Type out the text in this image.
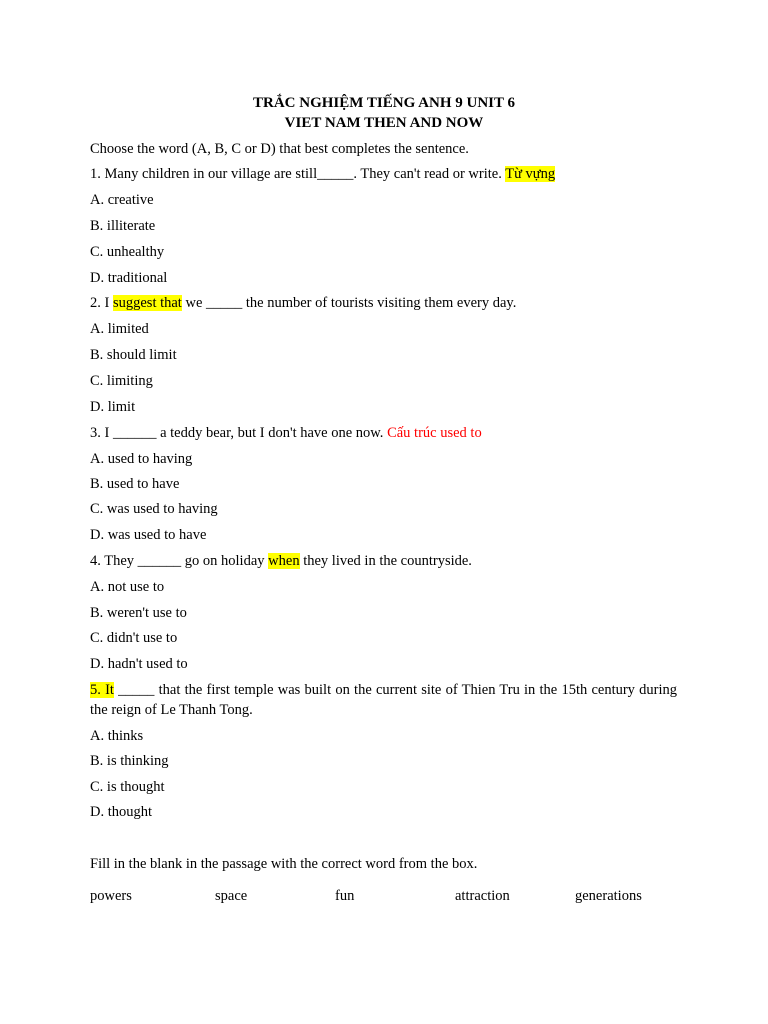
TRẮC NGHIỆM TIẾNG ANH 9 UNIT 6
VIET NAM THEN AND NOW
Choose the word (A, B, C or D) that best completes the sentence.
1. Many children in our village are still_____. They can't read or write. Từ vựng
A. creative
B. illiterate
C. unhealthy
D. traditional
2. I suggest that we _____ the number of tourists visiting them every day.
A. limited
B. should limit
C. limiting
D. limit
3. I ______ a teddy bear, but I don't have one now. Cấu trúc used to
A. used to having
B. used to have
C. was used to having
D. was used to have
4. They ______ go on holiday when they lived in the countryside.
A. not use to
B. weren't use to
C. didn't use to
D. hadn't used to
5. It _____ that the first temple was built on the current site of Thien Tru in the 15th century during the reign of Le Thanh Tong.
A. thinks
B. is thinking
C. is thought
D. thought
Fill in the blank in the passage with the correct word from the box.
powers	space	fun	attraction	generations
